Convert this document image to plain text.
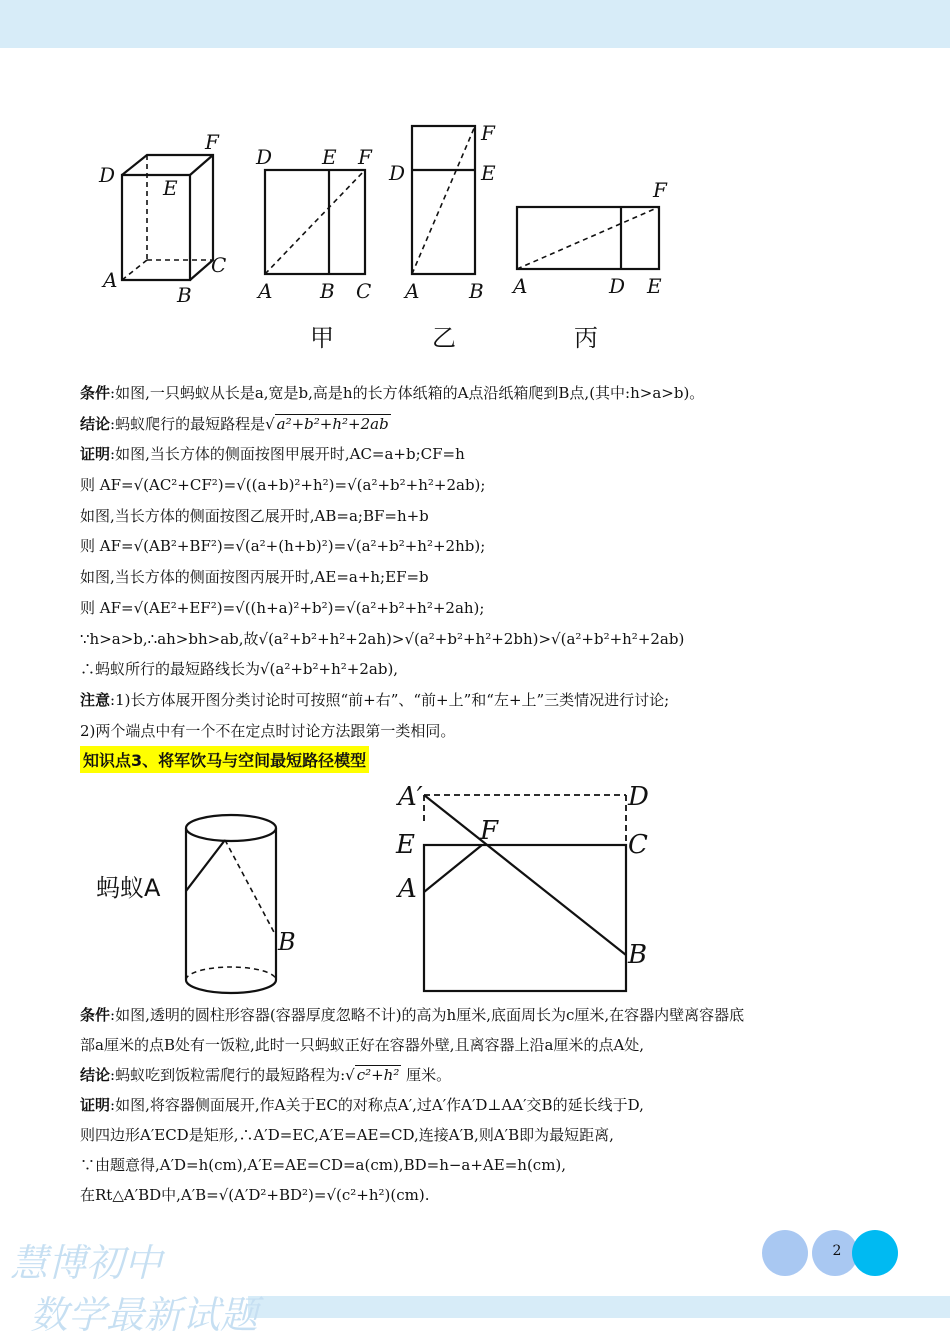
D
E
F
A
B
C
D E F
A B C
F
D	E
A B
F
A	D E
甲	乙	丙
条件:如图,一只蚂蚁从长是a,宽是b,高是h的长方体纸箱的A点沿纸箱爬到B点,(其中:h>a>b)。
结论:蚂蚁爬行的最短路程是√ a²+b²+h²+2ab
证明:如图,当长方体的侧面按图甲展开时,AC=a+b;CF=h
则 AF=√(AC²+CF²)=√((a+b)²+h²)=√(a²+b²+h²+2ab);
如图,当长方体的侧面按图乙展开时,AB=a;BF=h+b
则 AF=√(AB²+BF²)=√(a²+(h+b)²)=√(a²+b²+h²+2hb);
如图,当长方体的侧面按图丙展开时,AE=a+h;EF=b
则 AF=√(AE²+EF²)=√((h+a)²+b²)=√(a²+b²+h²+2ah);
∵h>a>b,∴ah>bh>ab,故√(a²+b²+h²+2ah)>√(a²+b²+h²+2bh)>√(a²+b²+h²+2ab)
∴蚂蚁所行的最短路线长为√(a²+b²+h²+2ab),
注意:1)长方体展开图分类讨论时可按照“前+右”、“前+上”和“左+上”三类情况进行讨论;
2)两个端点中有一个不在定点时讨论方法跟第一类相同。
知识点3、将军饮马与空间最短路径模型
蚂蚁A
B
A′	D
E	F	C
A
B
条件:如图,透明的圆柱形容器(容器厚度忽略不计)的高为h厘米,底面周长为c厘米,在容器内壁离容器底
部a厘米的点B处有一饭粒,此时一只蚂蚁正好在容器外壁,且离容器上沿a厘米的点A处,
结论:蚂蚁吃到饭粒需爬行的最短路程为:√ c²+h² 厘米。
证明:如图,将容器侧面展开,作A关于EC的对称点A′,过A′作A′D⊥AA′交B的延长线于D,
则四边形A′ECD是矩形,∴A′D=EC,A′E=AE=CD,连接A′B,则A′B即为最短距离,
∵由题意得,A′D=h(cm),A′E=AE=CD=a(cm),BD=h−a+AE=h(cm),
在Rt△A′BD中,A′B=√(A′D²+BD²)=√(c²+h²)(cm).
2
慧博初中
数学最新试题
